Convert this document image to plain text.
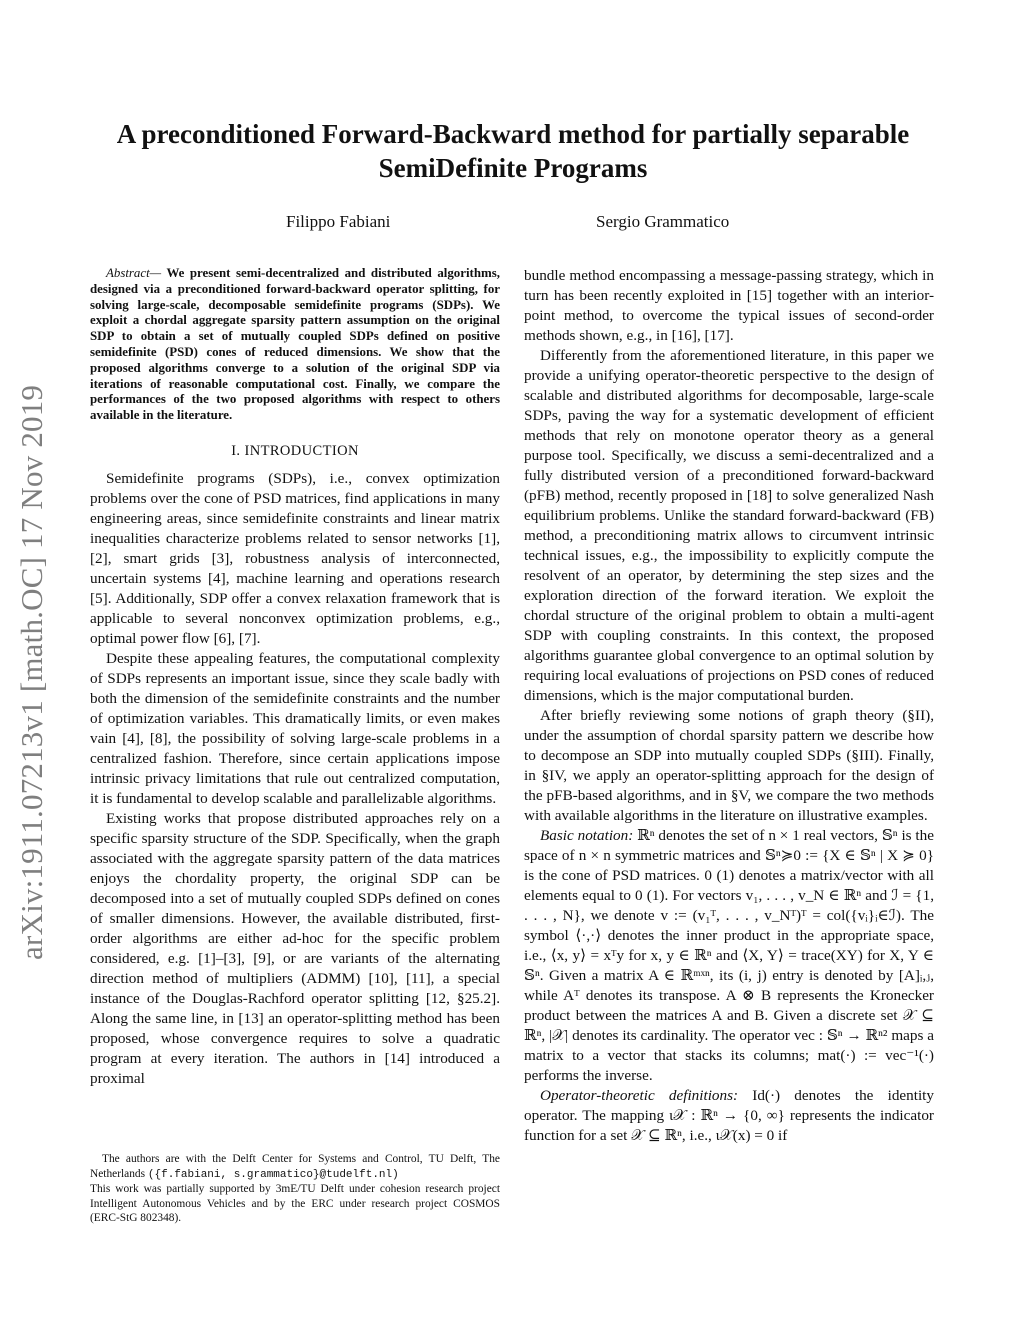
arXiv:1911.07213v1 [math.OC] 17 Nov 2019
A preconditioned Forward-Backward method for partially separable SemiDefinite Programs
Filippo Fabiani	Sergio Grammatico

Abstract— We present semi-decentralized and distributed algorithms, designed via a preconditioned forward-backward operator splitting, for solving large-scale, decomposable semidefinite programs (SDPs). We exploit a chordal aggregate sparsity pattern assumption on the original SDP to obtain a set of mutually coupled SDPs defined on positive semidefinite (PSD) cones of reduced dimensions. We show that the proposed algorithms converge to a solution of the original SDP via iterations of reasonable computational cost. Finally, we compare the performances of the two proposed algorithms with respect to others available in the literature.

I. INTRODUCTION

Semidefinite programs (SDPs), i.e., convex optimization problems over the cone of PSD matrices, find applications in many engineering areas, since semidefinite constraints and linear matrix inequalities characterize problems related to sensor networks [1], [2], smart grids [3], robustness analysis of interconnected, uncertain systems [4], machine learning and operations research [5]. Additionally, SDP offer a convex relaxation framework that is applicable to several nonconvex optimization problems, e.g., optimal power flow [6], [7].

Despite these appealing features, the computational complexity of SDPs represents an important issue, since they scale badly with both the dimension of the semidefinite constraints and the number of optimization variables. This dramatically limits, or even makes vain [4], [8], the possibility of solving large-scale problems in a centralized fashion. Therefore, since certain applications impose intrinsic privacy limitations that rule out centralized computation, it is fundamental to develop scalable and parallelizable algorithms.

Existing works that propose distributed approaches rely on a specific sparsity structure of the SDP. Specifically, when the graph associated with the aggregate sparsity pattern of the data matrices enjoys the chordality property, the original SDP can be decomposed into a set of mutually coupled SDPs defined on cones of smaller dimensions. However, the available distributed, first-order algorithms are either ad-hoc for the specific problem considered, e.g. [1]–[3], [9], or are variants of the alternating direction method of multipliers (ADMM) [10], [11], a special instance of the Douglas-Rachford operator splitting [12, §25.2]. Along the same line, in [13] an operator-splitting method has been proposed, whose convergence requires to solve a quadratic program at every iteration. The authors in [14] introduced a proximal

bundle method encompassing a message-passing strategy, which in turn has been recently exploited in [15] together with an interior-point method, to overcome the typical issues of second-order methods shown, e.g., in [16], [17].

Differently from the aforementioned literature, in this paper we provide a unifying operator-theoretic perspective to the design of scalable and distributed algorithms for decomposable, large-scale SDPs, paving the way for a systematic development of efficient methods that rely on monotone operator theory as a general purpose tool. Specifically, we discuss a semi-decentralized and a fully distributed version of a preconditioned forward-backward (pFB) method, recently proposed in [18] to solve generalized Nash equilibrium problems. Unlike the standard forward-backward (FB) method, a preconditioning matrix allows to circumvent intrinsic technical issues, e.g., the impossibility to explicitly compute the resolvent of an operator, by determining the step sizes and the exploration direction of the forward iteration. We exploit the chordal structure of the original problem to obtain a multi-agent SDP with coupling constraints. In this context, the proposed algorithms guarantee global convergence to an optimal solution by requiring local evaluations of projections on PSD cones of reduced dimensions, which is the major computational burden.

After briefly reviewing some notions of graph theory (§II), under the assumption of chordal sparsity pattern we describe how to decompose an SDP into mutually coupled SDPs (§III). Finally, in §IV, we apply an operator-splitting approach for the design of the pFB-based algorithms, and in §V, we compare the two methods with available algorithms in the literature on illustrative examples.

Basic notation: ℝⁿ denotes the set of n × 1 real vectors, 𝕊ⁿ is the space of n × n symmetric matrices and 𝕊ⁿ≽0 := {X ∈ 𝕊ⁿ | X ≽ 0} is the cone of PSD matrices. 0 (1) denotes a matrix/vector with all elements equal to 0 (1). For vectors v₁, . . . , v_N ∈ ℝⁿ and ℐ = {1, . . . , N}, we denote v := (v₁ᵀ, . . . , v_Nᵀ)ᵀ = col({vᵢ}ᵢ∈ℐ). The symbol ⟨·,·⟩ denotes the inner product in the appropriate space, i.e., ⟨x, y⟩ = xᵀy for x, y ∈ ℝⁿ and ⟨X, Y⟩ = trace(XY) for X, Y ∈ 𝕊ⁿ. Given a matrix A ∈ ℝᵐˣⁿ, its (i, j) entry is denoted by [A]ᵢ,ⱼ, while Aᵀ denotes its transpose. A ⊗ B represents the Kronecker product between the matrices A and B. Given a discrete set 𝒳 ⊆ ℝⁿ, |𝒳| denotes its cardinality. The operator vec : 𝕊ⁿ → ℝⁿ² maps a matrix to a vector that stacks its columns; mat(·) := vec⁻¹(·) performs the inverse.

Operator-theoretic definitions: Id(·) denotes the identity operator. The mapping ι𝒳 : ℝⁿ → {0, ∞} represents the indicator function for a set 𝒳 ⊆ ℝⁿ, i.e., ι𝒳(x) = 0 if

The authors are with the Delft Center for Systems and Control, TU Delft, The Netherlands ({f.fabiani, s.grammatico}@tudelft.nl)

This work was partially supported by 3mE/TU Delft under cohesion research project Intelligent Autonomous Vehicles and by the ERC under research project COSMOS (ERC-StG 802348).
